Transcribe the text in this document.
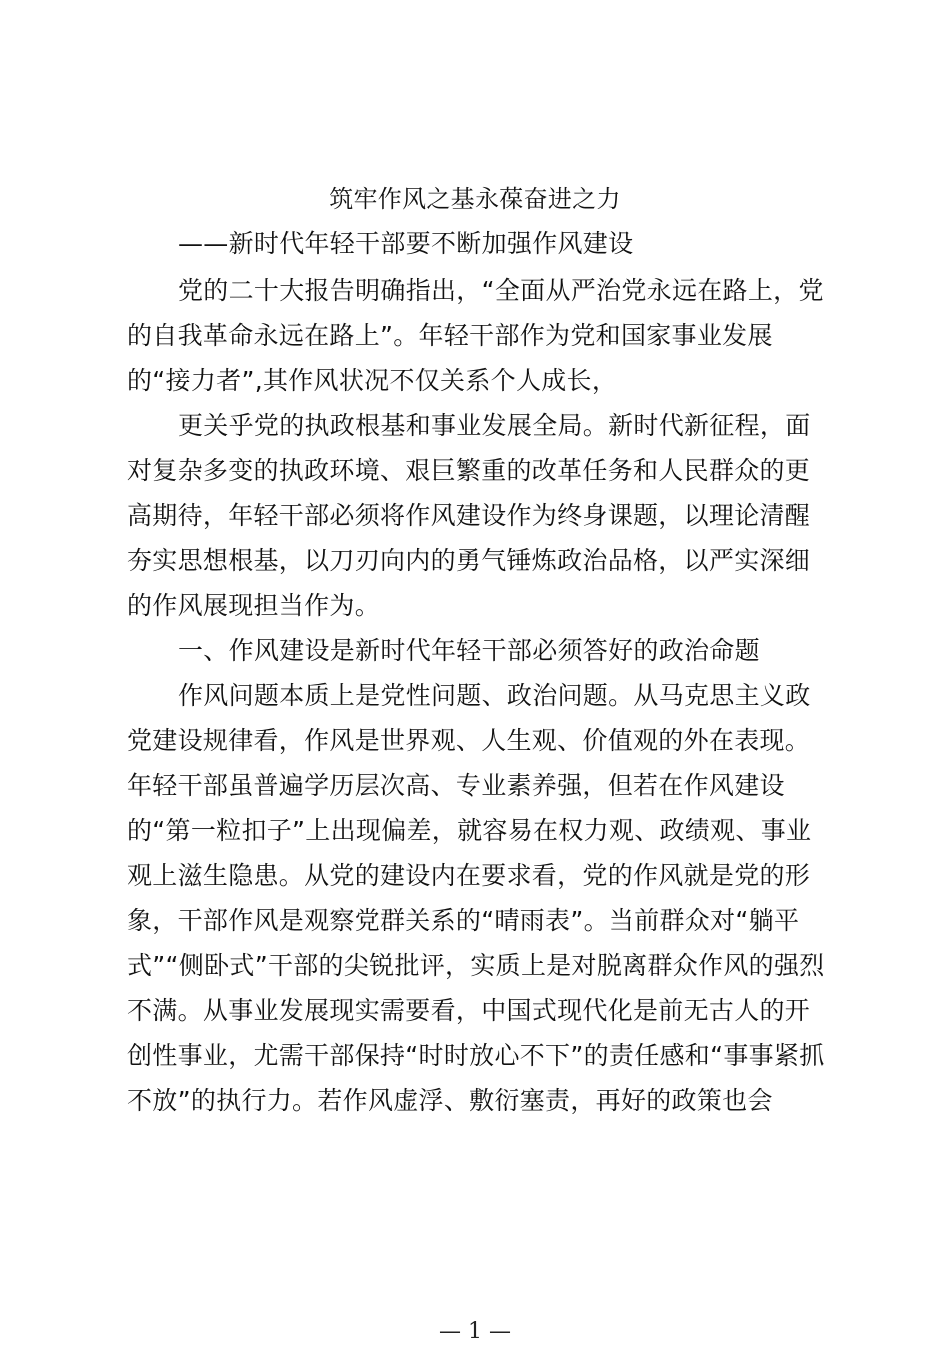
筑牢作风之基永葆奋进之力
——新时代年轻干部要不断加强作风建设
党的二十大报告明确指出，“全面从严治党永远在路上，党
的自我革命永远在路上”。年轻干部作为党和国家事业发展
的“接力者”,其作风状况不仅关系个人成长，
更关乎党的执政根基和事业发展全局。新时代新征程，面
对复杂多变的执政环境、艰巨繁重的改革任务和人民群众的更
高期待，年轻干部必须将作风建设作为终身课题，以理论清醒
夯实思想根基，以刀刃向内的勇气锤炼政治品格，以严实深细
的作风展现担当作为。
一、作风建设是新时代年轻干部必须答好的政治命题
作风问题本质上是党性问题、政治问题。从马克思主义政
党建设规律看，作风是世界观、人生观、价值观的外在表现。
年轻干部虽普遍学历层次高、专业素养强，但若在作风建设
的“第一粒扣子”上出现偏差，就容易在权力观、政绩观、事业
观上滋生隐患。从党的建设内在要求看，党的作风就是党的形
象，干部作风是观察党群关系的“晴雨表”。当前群众对“躺平
式”“侧卧式”干部的尖锐批评，实质上是对脱离群众作风的强烈
不满。从事业发展现实需要看，中国式现代化是前无古人的开
创性事业，尤需干部保持“时时放心不下”的责任感和“事事紧抓
不放”的执行力。若作风虚浮、敷衍塞责，再好的政策也会
— 1 —
